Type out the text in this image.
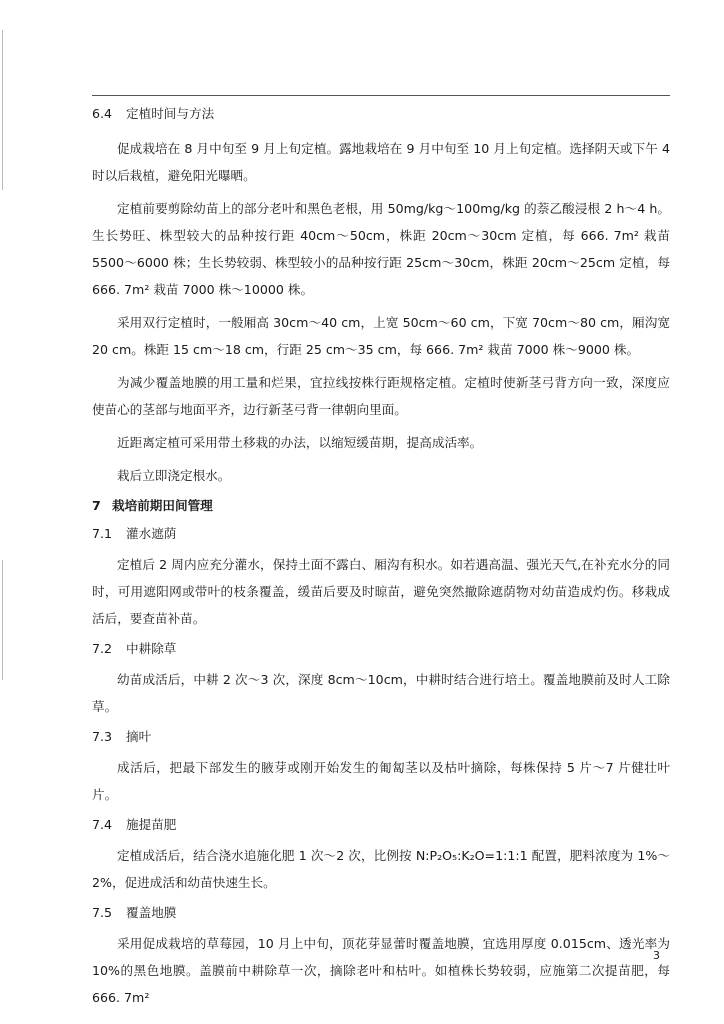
6.4 定植时间与方法

促成栽培在 8 月中旬至 9 月上旬定植。露地栽培在 9 月中旬至 10 月上旬定植。选择阴天或下午 4 时以后栽植，避免阳光曝晒。

定植前要剪除幼苗上的部分老叶和黑色老根，用 50mg/kg～100mg/kg 的萘乙酸浸根 2 h～4 h。生长势旺、株型较大的品种按行距 40cm～50cm，株距 20cm～30cm 定植，每 666. 7m² 栽苗 5500～6000 株；生长势较弱、株型较小的品种按行距 25cm～30cm，株距 20cm～25cm 定植，每 666. 7m² 栽苗 7000 株～10000 株。

采用双行定植时，一般厢高 30cm～40 cm，上宽 50cm～60 cm，下宽 70cm～80 cm，厢沟宽 20 cm。株距 15 cm～18 cm，行距 25 cm～35 cm，每 666. 7m² 栽苗 7000 株～9000 株。

为减少覆盖地膜的用工量和烂果，宜拉线按株行距规格定植。定植时使新茎弓背方向一致，深度应使苗心的茎部与地面平齐，边行新茎弓背一律朝向里面。

近距离定植可采用带土移栽的办法，以缩短缓苗期，提高成活率。

栽后立即浇定根水。

7 栽培前期田间管理
7.1 灌水遮荫

定植后 2 周内应充分灌水，保持土面不露白、厢沟有积水。如若遇高温、强光天气,在补充水分的同时，可用遮阳网或带叶的枝条覆盖，缓苗后要及时晾苗，避免突然撤除遮荫物对幼苗造成灼伤。移栽成活后，要查苗补苗。

7.2 中耕除草

幼苗成活后，中耕 2 次～3 次，深度 8cm～10cm，中耕时结合进行培土。覆盖地膜前及时人工除草。

7.3 摘叶

成活后，把最下部发生的腋芽或刚开始发生的匍匐茎以及枯叶摘除，每株保持 5 片～7 片健壮叶片。

7.4 施提苗肥

定植成活后，结合浇水追施化肥 1 次～2 次，比例按 N:P₂O₅:K₂O=1:1:1 配置，肥料浓度为 1%～2%，促进成活和幼苗快速生长。

7.5 覆盖地膜

采用促成栽培的草莓园，10 月上中旬，顶花芽显蕾时覆盖地膜，宜选用厚度 0.015cm、透光率为 10%的黑色地膜。盖膜前中耕除草一次，摘除老叶和枯叶。如植株长势较弱，应施第二次提苗肥，每 666. 7m²

3
